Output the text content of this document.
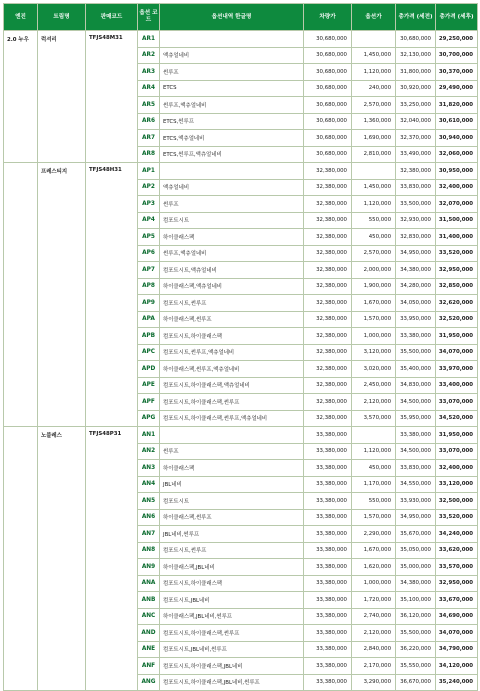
엔진	트림명	판매코드	옵션 코드	옵션내역 한글명	차량가	옵션가	총가격 (세전)	총가격 (세후)
2.0 누우	럭셔리	TFJS48M31	AR1		30,680,000		30,680,000	29,250,000
			AR2	액츄얼네비	30,680,000	1,450,000	32,130,000	30,700,000
			AR3	썬루프	30,680,000	1,120,000	31,800,000	30,370,000
			AR4	ETCS	30,680,000	240,000	30,920,000	29,490,000
			AR5	썬루프,액츄얼네비	30,680,000	2,570,000	33,250,000	31,820,000
			AR6	ETCS,썬루프	30,680,000	1,360,000	32,040,000	30,610,000
			AR7	ETCS,액츄얼네비	30,680,000	1,690,000	32,370,000	30,940,000
			AR8	ETCS,썬루프,액츄얼네비	30,680,000	2,810,000	33,490,000	32,060,000
	프레스티지	TFJS48H31	AP1		32,380,000		32,380,000	30,950,000
			AP2	액츄얼네비	32,380,000	1,450,000	33,830,000	32,400,000
			AP3	썬루프	32,380,000	1,120,000	33,500,000	32,070,000
			AP4	컴포트시트	32,380,000	550,000	32,930,000	31,500,000
			AP5	하이클래스팩	32,380,000	450,000	32,830,000	31,400,000
			AP6	썬루프,액츄얼네비	32,380,000	2,570,000	34,950,000	33,520,000
			AP7	컴포트시트,액츄얼네비	32,380,000	2,000,000	34,380,000	32,950,000
			AP8	하이클래스팩,액츄얼네비	32,380,000	1,900,000	34,280,000	32,850,000
			AP9	컴포트시트,썬루프	32,380,000	1,670,000	34,050,000	32,620,000
			APA	하이클래스팩,썬루프	32,380,000	1,570,000	33,950,000	32,520,000
			APB	컴포트시트,하이클래스팩	32,380,000	1,000,000	33,380,000	31,950,000
			APC	컴포트시트,썬루프,액츄얼네비	32,380,000	3,120,000	35,500,000	34,070,000
			APD	하이클래스팩,썬루프,액츄얼네비	32,380,000	3,020,000	35,400,000	33,970,000
			APE	컴포트시트,하이클래스팩,액츄얼네비	32,380,000	2,450,000	34,830,000	33,400,000
			APF	컴포트시트,하이클래스팩,썬루프	32,380,000	2,120,000	34,500,000	33,070,000
			APG	컴포트시트,하이클래스팩,썬루프,액츄얼네비	32,380,000	3,570,000	35,950,000	34,520,000
	노블레스	TFJS48P31	AN1		33,380,000		33,380,000	31,950,000
			AN2	썬루프	33,380,000	1,120,000	34,500,000	33,070,000
			AN3	하이클래스팩	33,380,000	450,000	33,830,000	32,400,000
			AN4	JBL네비	33,380,000	1,170,000	34,550,000	33,120,000
			AN5	컴포트시트	33,380,000	550,000	33,930,000	32,500,000
			AN6	하이클래스팩,썬루프	33,380,000	1,570,000	34,950,000	33,520,000
			AN7	JBL네비,썬루프	33,380,000	2,290,000	35,670,000	34,240,000
			AN8	컴포트시트,썬루프	33,380,000	1,670,000	35,050,000	33,620,000
			AN9	하이클래스팩,JBL네비	33,380,000	1,620,000	35,000,000	33,570,000
			ANA	컴포트시트,하이클래스팩	33,380,000	1,000,000	34,380,000	32,950,000
			ANB	컴포트시트,JBL네비	33,380,000	1,720,000	35,100,000	33,670,000
			ANC	하이클래스팩,JBL네비,썬루프	33,380,000	2,740,000	36,120,000	34,690,000
			AND	컴포트시트,하이클래스팩,썬루프	33,380,000	2,120,000	35,500,000	34,070,000
			ANE	컴포트시트,JBL네비,썬루프	33,380,000	2,840,000	36,220,000	34,790,000
			ANF	컴포트시트,하이클래스팩,JBL네비	33,380,000	2,170,000	35,550,000	34,120,000
			ANG	컴포트시트,하이클래스팩,JBL네비,썬루프	33,380,000	3,290,000	36,670,000	35,240,000
